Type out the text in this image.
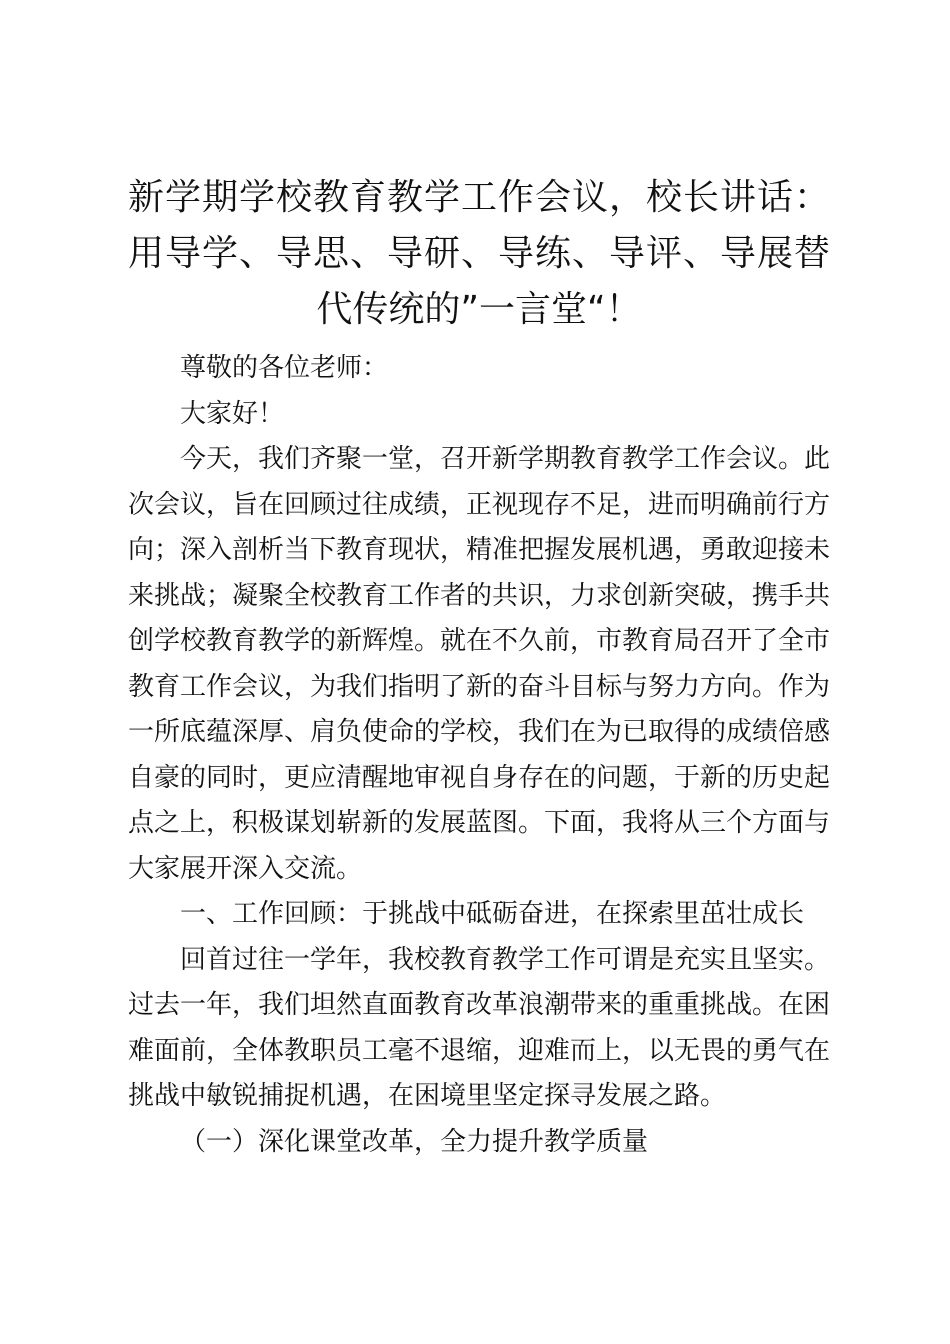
新学期学校教育教学工作会议，校长讲话：用导学、导思、导研、导练、导评、导展替代传统的”一言堂“！

尊敬的各位老师：

大家好！

今天，我们齐聚一堂，召开新学期教育教学工作会议。此次会议，旨在回顾过往成绩，正视现存不足，进而明确前行方向；深入剖析当下教育现状，精准把握发展机遇，勇敢迎接未来挑战；凝聚全校教育工作者的共识，力求创新突破，携手共创学校教育教学的新辉煌。就在不久前，市教育局召开了全市教育工作会议，为我们指明了新的奋斗目标与努力方向。作为一所底蕴深厚、肩负使命的学校，我们在为已取得的成绩倍感自豪的同时，更应清醒地审视自身存在的问题，于新的历史起点之上，积极谋划崭新的发展蓝图。下面，我将从三个方面与大家展开深入交流。

一、工作回顾：于挑战中砥砺奋进，在探索里茁壮成长

回首过往一学年，我校教育教学工作可谓是充实且坚实。过去一年，我们坦然直面教育改革浪潮带来的重重挑战。在困难面前，全体教职员工毫不退缩，迎难而上，以无畏的勇气在挑战中敏锐捕捉机遇，在困境里坚定探寻发展之路。

（一）深化课堂改革，全力提升教学质量
